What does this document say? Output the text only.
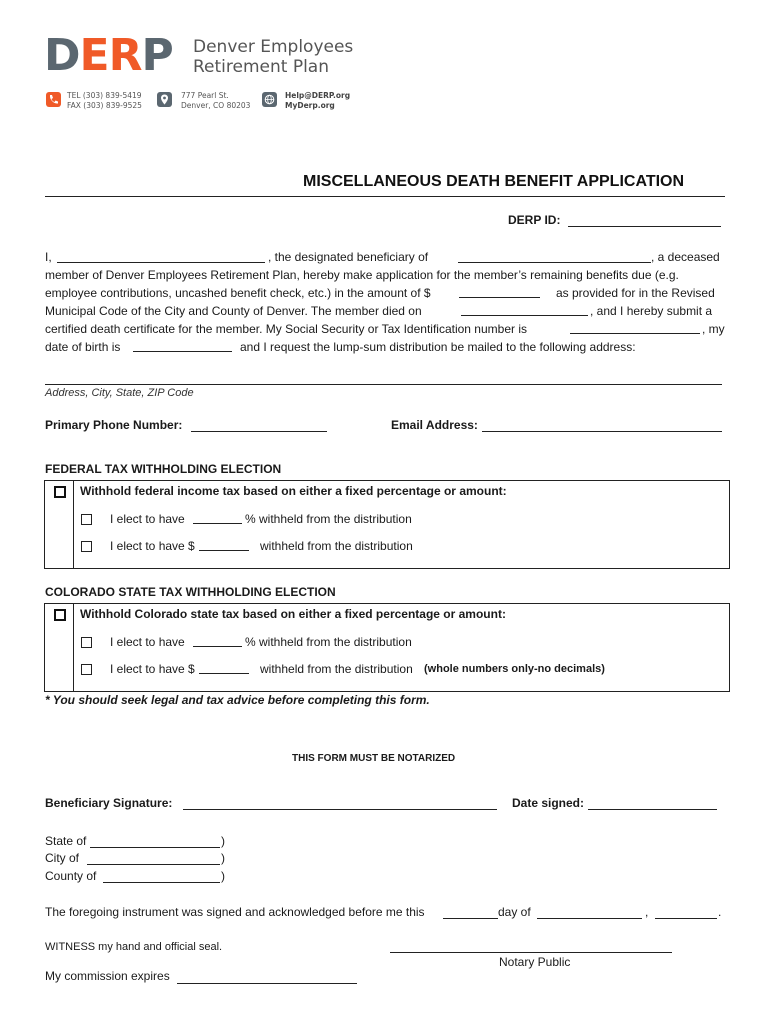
DERP Denver Employees
Retirement Plan
TEL (303) 839-5419
FAX (303) 839-9525
777 Pearl St.
Denver, CO 80203
Help@DERP.org
MyDerp.org
MISCELLANEOUS DEATH BENEFIT APPLICATION
DERP ID:
I,	, the designated beneficiary of	, a deceased
member of Denver Employees Retirement Plan, hereby make application for the member’s remaining benefits due (e.g.
employee contributions, uncashed benefit check, etc.) in the amount of $	as provided for in the Revised
Municipal Code of the City and County of Denver. The member died on	, and I hereby submit a
certified death certificate for the member. My Social Security or Tax Identification number is	, my
date of birth is	and I request the lump-sum distribution be mailed to the following address:
Address, City, State, ZIP Code
Primary Phone Number:	Email Address:
FEDERAL TAX WITHHOLDING ELECTION
Withhold federal income tax based on either a fixed percentage or amount:
I elect to have	% withheld from the distribution
I elect to have $	withheld from the distribution
COLORADO STATE TAX WITHHOLDING ELECTION
Withhold Colorado state tax based on either a fixed percentage or amount:
I elect to have	% withheld from the distribution
I elect to have $	withheld from the distribution (whole numbers only-no decimals)
* You should seek legal and tax advice before completing this form.
THIS FORM MUST BE NOTARIZED
Beneficiary Signature:	Date signed:
State of	)
City of	)
County of	)
The foregoing instrument was signed and acknowledged before me this	day of	,	.
WITNESS my hand and official seal.
Notary Public
My commission expires
